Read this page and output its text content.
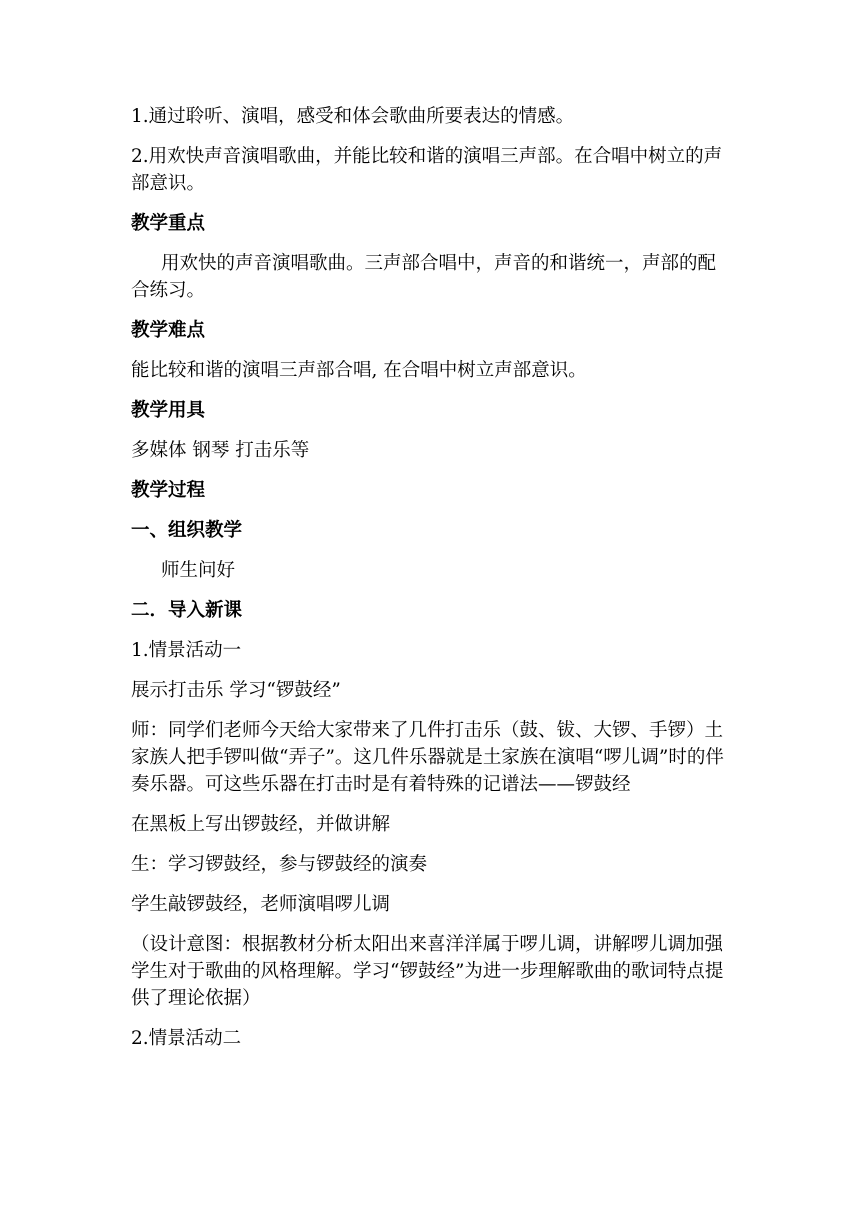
1.通过聆听、演唱，感受和体会歌曲所要表达的情感。

2.用欢快声音演唱歌曲，并能比较和谐的演唱三声部。在合唱中树立的声部意识。

教学重点

用欢快的声音演唱歌曲。三声部合唱中，声音的和谐统一，声部的配合练习。

教学难点

能比较和谐的演唱三声部合唱, 在合唱中树立声部意识。

教学用具

多媒体 钢琴 打击乐等

教学过程

一、组织教学

师生问好

二．导入新课

1.情景活动一

展示打击乐 学习“锣鼓经”

师：同学们老师今天给大家带来了几件打击乐（鼓、钹、大锣、手锣）土家族人把手锣叫做“弄子”。这几件乐器就是土家族在演唱“啰儿调”时的伴奏乐器。可这些乐器在打击时是有着特殊的记谱法——锣鼓经

在黑板上写出锣鼓经，并做讲解

生：学习锣鼓经，参与锣鼓经的演奏

学生敲锣鼓经，老师演唱啰儿调

（设计意图：根据教材分析太阳出来喜洋洋属于啰儿调，讲解啰儿调加强学生对于歌曲的风格理解。学习“锣鼓经”为进一步理解歌曲的歌词特点提供了理论依据）

2.情景活动二
